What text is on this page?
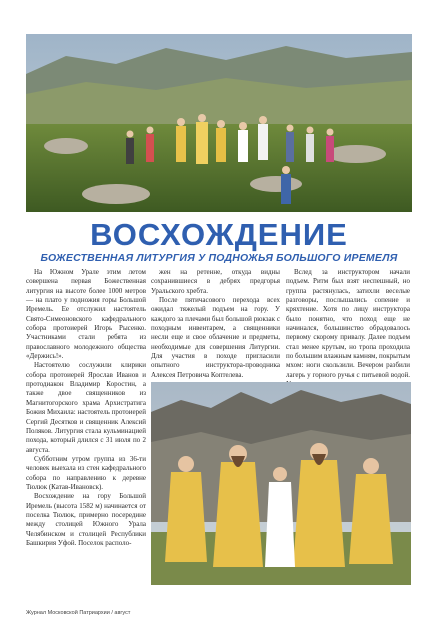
ВОСХОЖДЕНИЕ
БОЖЕСТВЕННАЯ ЛИТУРГИЯ У ПОДНОЖЬЯ БОЛЬШОГО ИРЕМЕЛЯ

На Южном Урале этим летом совершена первая Божественная литургия на высоте более 1000 метров — на плато у подножия горы Большой Иремель. Ее отслужил настоятель Свято-Симеоновского кафедрального собора протоиерей Игорь Рысенко. Участниками стали ребята из православного молодежного общества «Держись!».

Настоятелю сослужили клирики собора протоиерей Ярослав Иванов и протодиакон Владимир Коростин, а также двое священников из Магнитогорского храма Архистратига Божия Михаила: настоятель протоиерей Сергий Десятков и священник Алексий Поляков. Литургия стала кульминацией похода, который длился с 31 июля по 2 августа.

Субботним утром группа из 36-ти человек выехала из стен кафедрального собора по направлению к деревне Тюлюк (Катав-Ивановск).

Восхождение на гору Большой Иремель (высота 1582 м) начинается от поселка Тюлюк, примерно посередине между столицей Южного Урала Челябинском и столицей Республики Башкирия Уфой. Поселок располо-

жен на ретенне, откуда видны сохранившиеся в дебрях предгорья Уральского хребта.

После пятичасового перехода всех ожидал тяжелый подъем на гору. У каждого за плечами был большой рюкзак с походным инвентарем, а священники несли еще и свое облачение и предметы, необходимые для совершения Литургии. Для участия в походе пригласили опытного инструктора-проводника Алексея Петровича Коптелева.

Вслед за инструктором начали подъем. Ритм был взят неспешный, но группа растянулась, затихли веселые разговоры, послышались сопение и кряхтение. Хотя по лицу инструктора было понятно, что поход еще не начинался, большинство обрадовалось первому скорому привалу. Далее подъем стал менее крутым, но тропа проходила по большим влажным камням, покрытым мхом: ноги скользили. Вечером разбили лагерь у горного ручья с питьевой водой.

Журнал Московской Патриархии / август
